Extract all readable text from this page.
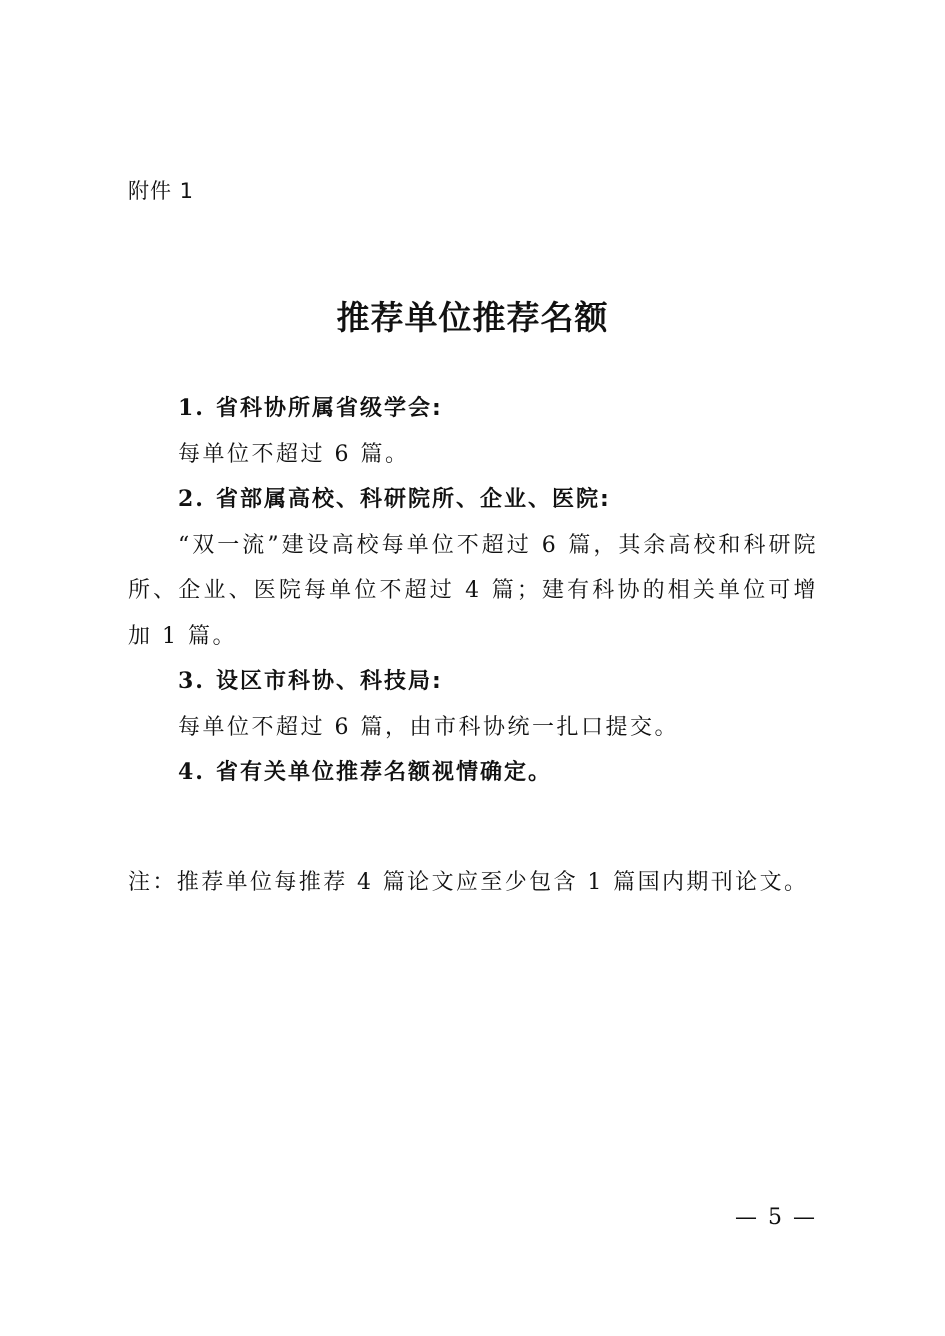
附件 1
推荐单位推荐名额

1. 省科协所属省级学会:

每单位不超过 6 篇。

2. 省部属高校、科研院所、企业、医院:

“双一流”建设高校每单位不超过 6 篇，其余高校和科研院所、企业、医院每单位不超过 4 篇；建有科协的相关单位可增加 1 篇。

3. 设区市科协、科技局:

每单位不超过 6 篇，由市科协统一扎口提交。

4. 省有关单位推荐名额视情确定。

注：推荐单位每推荐 4 篇论文应至少包含 1 篇国内期刊论文。

— 5 —
